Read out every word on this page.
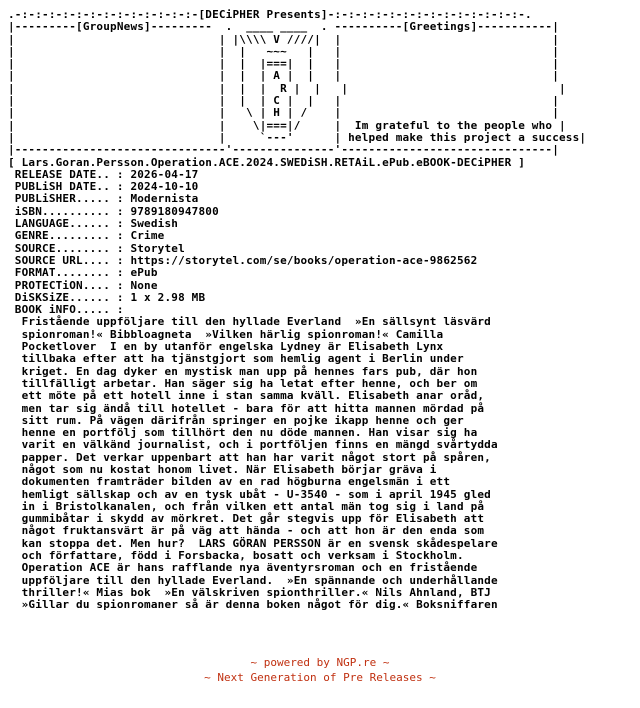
.-:-:-:-:-:-:-:-:-:-:-:-:-:-[DECiPHER Presents]-:-:-:-:-:-:-:-:-:-:-:-:-:-:-.
|---------[GroupNews]---------  .  ____ ____  . ----------[Greetings]-----------|
|                              | |\\\\ V ////|  |                               |
|                              |  |   ~~~   |   |                               |
|                              |  |  |===|  |   |                               |
|                              |  |  | A |  |   |                               |
|                              |  |  |  R |  |   |                               |
|                              |  |  | C |  |   |                               |
|                              |   \ | H | /    |                               |
|                              |    \|===|/     |  Im grateful to the people who |
|                              |     `---'      | helped make this project a success|
|-------------------------------'---------------'-------------------------------|
[ Lars.Goran.Persson.Operation.ACE.2024.SWEDiSH.RETAiL.ePub.eBOOK-DECiPHER ]
RELEASE DATE.. : 2026-04-17
PUBLiSH DATE.. : 2024-10-10
PUBLiSHER..... : Modernista
iSBN.......... : 9789180947800
LANGUAGE...... : Swedish
GENRE......... : Crime
SOURCE........ : Storytel
SOURCE URL.... : https://storytel.com/se/books/operation-ace-9862562
FORMAT........ : ePub
PROTECTiON.... : None
DiSKSiZE...... : 1 x 2.98 MB
BOOK iNFO..... :
Fristående uppföljare till den hyllade Everland  »En sällsynt läsvärd
spionroman!« Bibbloagneta  »Vilken härlig spionroman!« Camilla
Pocketlover  I en by utanför engelska Lydney är Elisabeth Lynx
tillbaka efter att ha tjänstgjort som hemlig agent i Berlin under
kriget. En dag dyker en mystisk man upp på hennes fars pub, där hon
tillfälligt arbetar. Han säger sig ha letat efter henne, och ber om
ett möte på ett hotell inne i stan samma kväll. Elisabeth anar oråd,
men tar sig ändå till hotellet - bara för att hitta mannen mördad på
sitt rum. På vägen därifrån springer en pojke ikapp henne och ger
henne en portfölj som tillhört den nu döde mannen. Han visar sig ha
varit en välkänd journalist, och i portföljen finns en mängd svårtydda
papper. Det verkar uppenbart att han har varit något stort på spåren,
något som nu kostat honom livet. När Elisabeth börjar gräva i
dokumenten framträder bilden av en rad högburna engelsmän i ett
hemligt sällskap och av en tysk ubåt - U-3540 - som i april 1945 gled
in i Bristolkanalen, och från vilken ett antal män tog sig i land på
gummibåtar i skydd av mörkret. Det går stegvis upp för Elisabeth att
något fruktansvärt är på väg att hända - och att hon är den enda som
kan stoppa det. Men hur?  LARS GÖRAN PERSSON är en svensk skådespelare
och författare, född i Forsbacka, bosatt och verksam i Stockholm.
Operation ACE är hans rafflande nya äventyrsroman och en fristående
uppföljare till den hyllade Everland.  »En spännande och underhållande
thriller!« Mias bok  »En välskriven spionthriller.« Nils Ahnland, BTJ
»Gillar du spionromaner så är denna boken något för dig.« Boksniffaren
~ powered by NGP.re ~
~ Next Generation of Pre Releases ~
